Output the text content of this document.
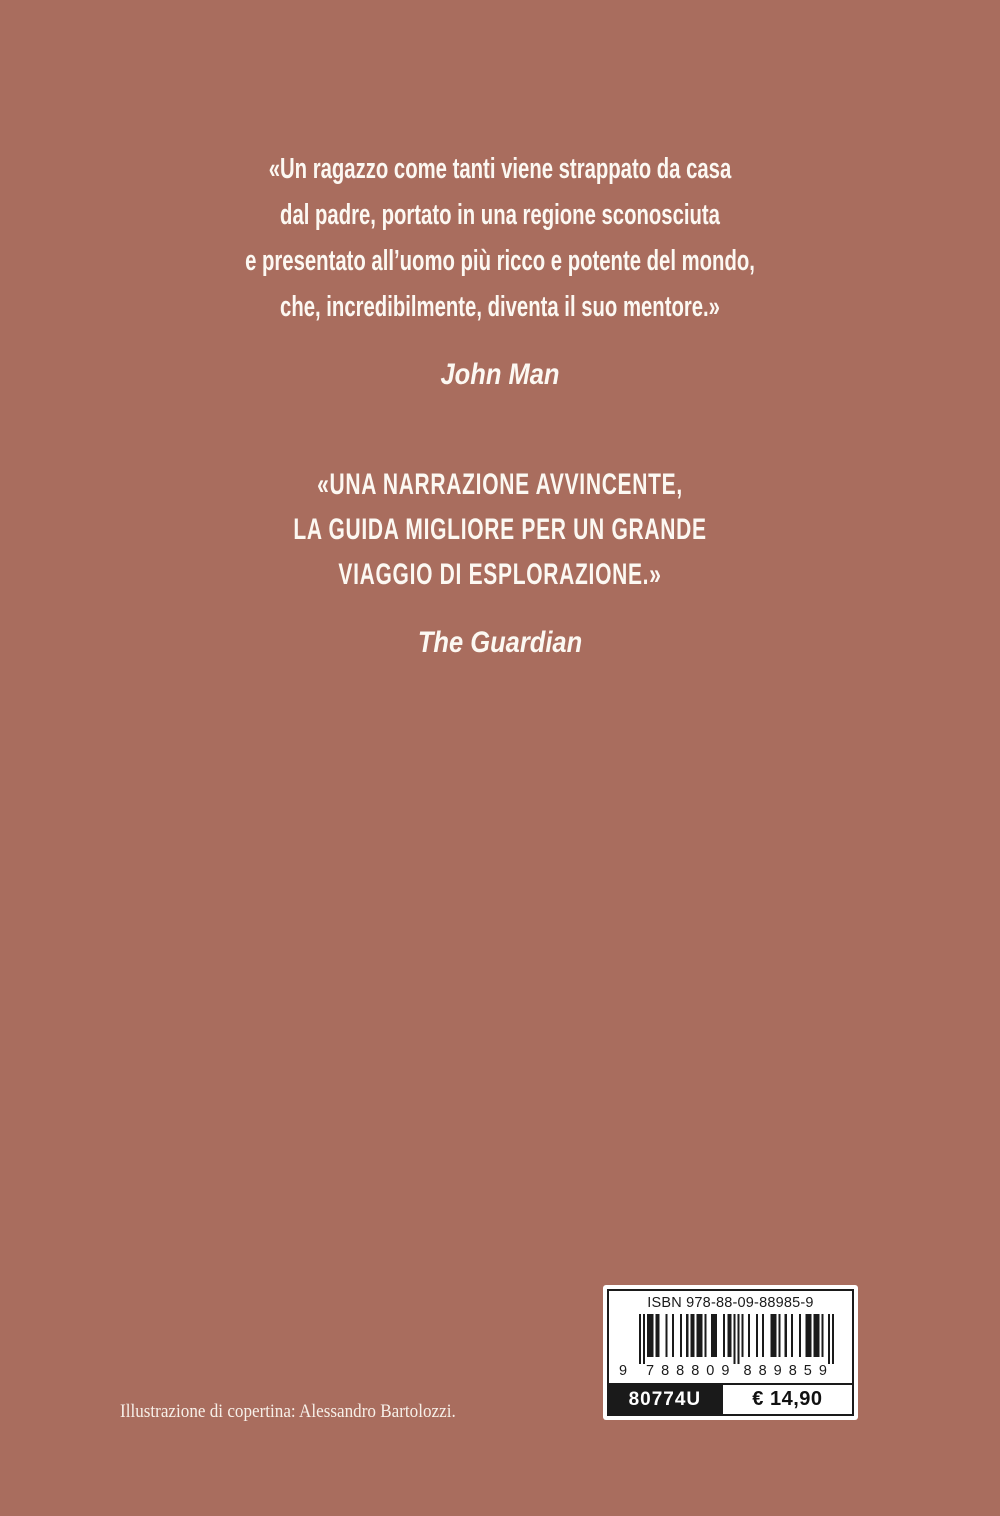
«Un ragazzo come tanti viene strappato da casa

dal padre, portato in una regione sconosciuta

e presentato all’uomo più ricco e potente del mondo,

che, incredibilmente, diventa il suo mentore.»

John Man

«UNA NARRAZIONE AVVINCENTE,

LA GUIDA MIGLIORE PER UN GRANDE

VIAGGIO DI ESPLORAZIONE.»

The Guardian

Illustrazione di copertina: Alessandro Bartolozzi.
ISBN 978-88-09-88985-9
9	788809 889859
80774U	€ 14,90
